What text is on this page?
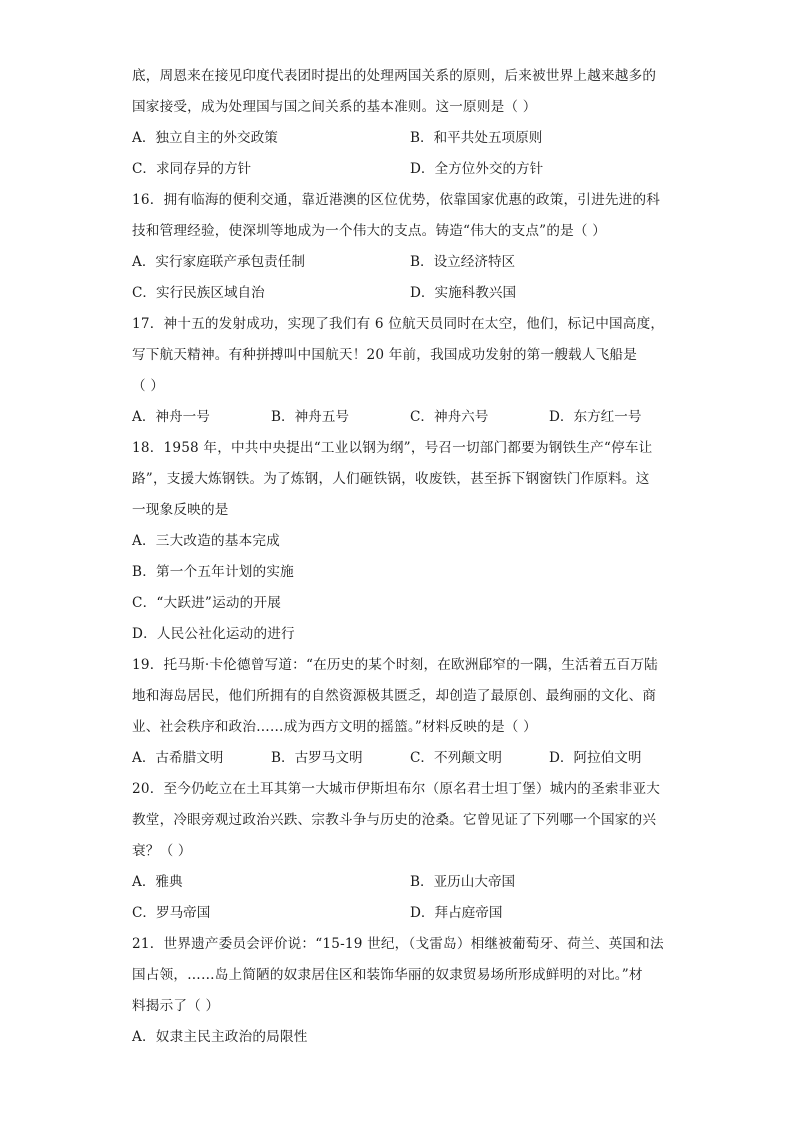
底，周恩来在接见印度代表团时提出的处理两国关系的原则，后来被世界上越来越多的
国家接受，成为处理国与国之间关系的基本准则。这一原则是（ ）
A．独立自主的外交政策	B．和平共处五项原则
C．求同存异的方针	D．全方位外交的方针
16．拥有临海的便利交通，靠近港澳的区位优势，依靠国家优惠的政策，引进先进的科
技和管理经验，使深圳等地成为一个伟大的支点。铸造“伟大的支点”的是（ ）
A．实行家庭联产承包责任制	B．设立经济特区
C．实行民族区域自治	D．实施科教兴国
17．神十五的发射成功，实现了我们有 6 位航天员同时在太空，他们，标记中国高度，
写下航天精神。有种拼搏叫中国航天！20 年前，我国成功发射的第一艘载人飞船是
（ ）
A．神舟一号	B．神舟五号	C．神舟六号	D．东方红一号
18．1958 年，中共中央提出“工业以钢为纲”，号召一切部门都要为钢铁生产“停车让
路”，支援大炼钢铁。为了炼钢，人们砸铁锅，收废铁，甚至拆下钢窗铁门作原料。这
一现象反映的是
A．三大改造的基本完成
B．第一个五年计划的实施
C．“大跃进”运动的开展
D．人民公社化运动的进行
19．托马斯·卡伦德曾写道：“在历史的某个时刻，在欧洲郈窄的一隅，生活着五百万陆
地和海岛居民，他们所拥有的自然资源极其匮乏，却创造了最原创、最绚丽的文化、商
业、社会秩序和政治……成为西方文明的摇篮。”材料反映的是（ ）
A．古希腊文明	B．古罗马文明	C．不列颠文明	D．阿拉伯文明
20．至今仍屹立在土耳其第一大城市伊斯坦布尔（原名君士坦丁堡）城内的圣索非亚大
教堂，冷眼旁观过政治兴跌、宗教斗争与历史的沧桑。它曾见证了下列哪一个国家的兴
衰？（ ）
A．雅典	B．亚历山大帝国
C．罗马帝国	D．拜占庭帝国
21．世界遗产委员会评价说：“15-19 世纪，（戈雷岛）相继被葡萄牙、荷兰、英国和法
国占领，……岛上简陋的奴隶居住区和装饰华丽的奴隶贸易场所形成鲜明的对比。”材
料揭示了（ ）
A．奴隶主民主政治的局限性
